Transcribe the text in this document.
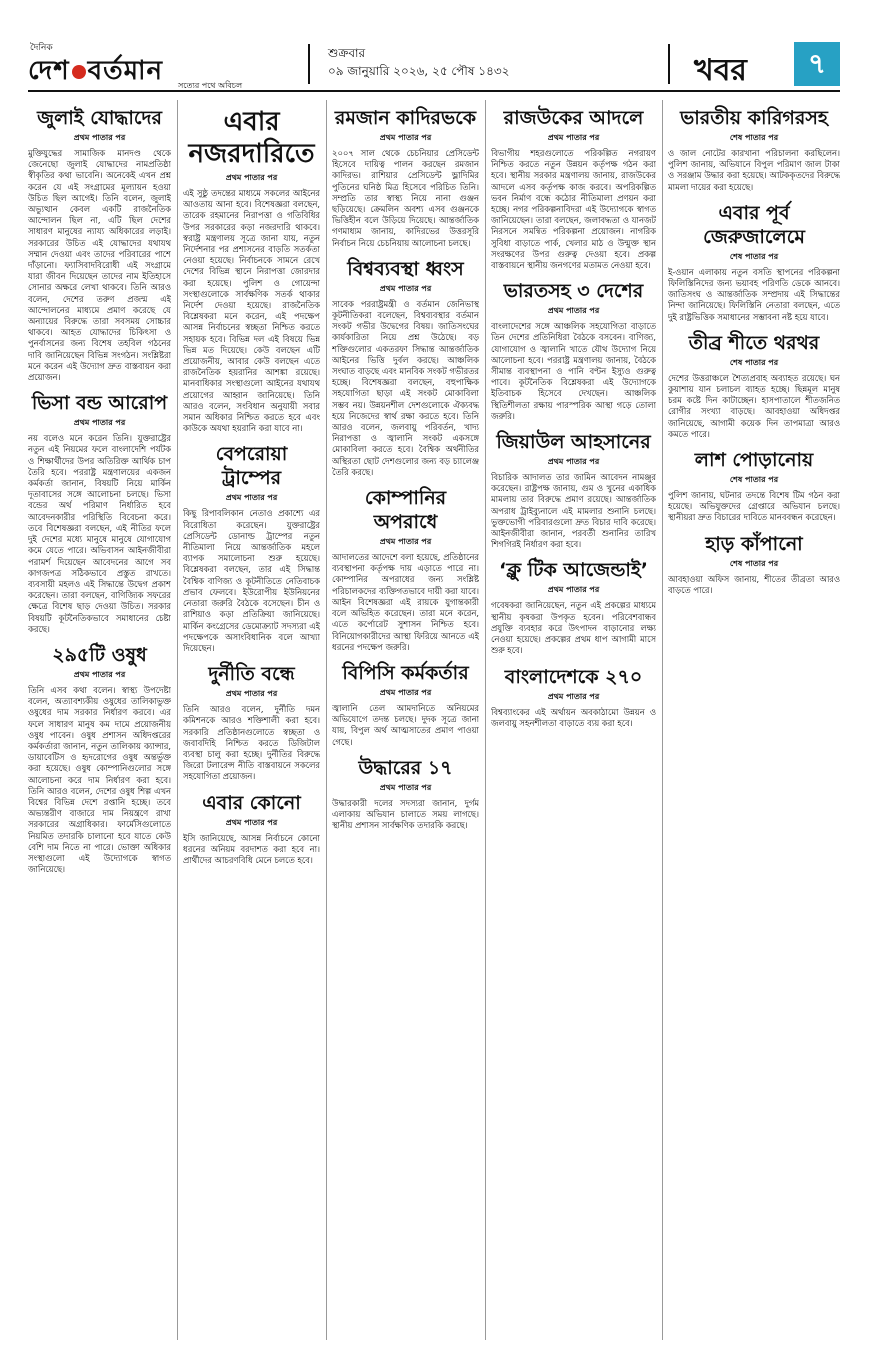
দৈনিক
দেশ বর্তমান সত্যের পথে অবিচল
শুক্রবার
০৯ জানুয়ারি ২০২৬, ২৫ পৌষ ১৪৩২	খবর	৭
জুলাই যোদ্ধাদের
প্রথম পাতার পর
মুক্তিযুদ্ধের সামাজিক মানদণ্ড থেকে জেনেছো জুলাই যোদ্ধাদের নামপ্রতিষ্ঠা স্বীকৃতির কথা ভাবেনি। অনেকেই এখন প্রশ্ন করেন যে এই সংগ্রামের মূল্যায়ন হওয়া উচিত ছিল আগেই। তিনি বলেন, জুলাই অভ্যুত্থান কেবল একটি রাজনৈতিক আন্দোলন ছিল না, এটি ছিল দেশের সাধারণ মানুষের ন্যায্য অধিকারের লড়াই। সরকারের উচিত এই যোদ্ধাদের যথাযথ সম্মান দেওয়া এবং তাদের পরিবারের পাশে দাঁড়ানো। ফ্যাসিবাদবিরোধী এই সংগ্রামে যারা জীবন দিয়েছেন তাদের নাম ইতিহাসে সোনার অক্ষরে লেখা থাকবে। তিনি আরও বলেন, দেশের তরুণ প্রজন্ম এই আন্দোলনের মাধ্যমে প্রমাণ করেছে যে অন্যায়ের বিরুদ্ধে তারা সবসময় সোচ্চার থাকবে। আহত যোদ্ধাদের চিকিৎসা ও পুনর্বাসনের জন্য বিশেষ তহবিল গঠনের দাবি জানিয়েছেন বিভিন্ন সংগঠন। সংশ্লিষ্টরা মনে করেন এই উদ্যোগ দ্রুত বাস্তবায়ন করা প্রয়োজন।
ভিসা বন্ড আরোপ
প্রথম পাতার পর
নয় বলেও মনে করেন তিনি। যুক্তরাষ্ট্রের নতুন এই নিয়মের ফলে বাংলাদেশি পর্যটক ও শিক্ষার্থীদের উপর অতিরিক্ত আর্থিক চাপ তৈরি হবে। পররাষ্ট্র মন্ত্রণালয়ের একজন কর্মকর্তা জানান, বিষয়টি নিয়ে মার্কিন দূতাবাসের সঙ্গে আলোচনা চলছে। ভিসা বন্ডের অর্থ পরিমাণ নির্ধারিত হবে আবেদনকারীর পরিস্থিতি বিবেচনা করে। তবে বিশেষজ্ঞরা বলছেন, এই নীতির ফলে দুই দেশের মধ্যে মানুষে মানুষে যোগাযোগ কমে যেতে পারে। অভিবাসন আইনজীবীরা পরামর্শ দিয়েছেন আবেদনের আগে সব কাগজপত্র সঠিকভাবে প্রস্তুত রাখতে। ব্যবসায়ী মহলও এই সিদ্ধান্তে উদ্বেগ প্রকাশ করেছেন। তারা বলছেন, বাণিজ্যিক সফরের ক্ষেত্রে বিশেষ ছাড় দেওয়া উচিত। সরকার বিষয়টি কূটনৈতিকভাবে সমাধানের চেষ্টা করছে।
২৯৫টি ওষুধ
প্রথম পাতার পর
তিনি এসব কথা বলেন। স্বাস্থ্য উপদেষ্টা বলেন, অত্যাবশ্যকীয় ওষুধের তালিকাভুক্ত ওষুধের দাম সরকার নির্ধারণ করবে। এর ফলে সাধারণ মানুষ কম দামে প্রয়োজনীয় ওষুধ পাবেন। ওষুধ প্রশাসন অধিদপ্তরের কর্মকর্তারা জানান, নতুন তালিকায় ক্যান্সার, ডায়াবেটিস ও হৃদরোগের ওষুধ অন্তর্ভুক্ত করা হয়েছে। ওষুধ কোম্পানিগুলোর সঙ্গে আলোচনা করে দাম নির্ধারণ করা হবে। তিনি আরও বলেন, দেশের ওষুধ শিল্প এখন বিশ্বের বিভিন্ন দেশে রপ্তানি হচ্ছে। তবে অভ্যন্তরীণ বাজারে দাম নিয়ন্ত্রণে রাখা সরকারের অগ্রাধিকার। ফার্মেসিগুলোতে নিয়মিত তদারকি চালানো হবে যাতে কেউ বেশি দাম নিতে না পারে। ভোক্তা অধিকার সংস্থাগুলো এই উদ্যোগকে স্বাগত জানিয়েছে।
এবার নজরদারিতে
প্রথম পাতার পর
এই সুষ্ঠু তদন্তের মাধ্যমে সকলের আইনের আওতায় আনা হবে। বিশেষজ্ঞরা বলছেন, তারেক রহমানের নিরাপত্তা ও গতিবিধির উপর সরকারের কড়া নজরদারি থাকবে। স্বরাষ্ট্র মন্ত্রণালয় সূত্রে জানা যায়, নতুন নির্দেশনার পর প্রশাসনের বাড়তি সতর্কতা নেওয়া হয়েছে। নির্বাচনকে সামনে রেখে দেশের বিভিন্ন স্থানে নিরাপত্তা জোরদার করা হয়েছে। পুলিশ ও গোয়েন্দা সংস্থাগুলোকে সার্বক্ষণিক সতর্ক থাকার নির্দেশ দেওয়া হয়েছে। রাজনৈতিক বিশ্লেষকরা মনে করেন, এই পদক্ষেপ আসন্ন নির্বাচনের স্বচ্ছতা নিশ্চিত করতে সহায়ক হবে। বিভিন্ন দল এই বিষয়ে ভিন্ন ভিন্ন মত দিয়েছে। কেউ বলছেন এটি প্রয়োজনীয়, আবার কেউ বলছেন এতে রাজনৈতিক হয়রানির আশঙ্কা রয়েছে। মানবাধিকার সংস্থাগুলো আইনের যথাযথ প্রয়োগের আহ্বান জানিয়েছে। তিনি আরও বলেন, সংবিধান অনুযায়ী সবার সমান অধিকার নিশ্চিত করতে হবে এবং কাউকে অযথা হয়রানি করা যাবে না।
বেপরোয়া ট্রাম্পের
প্রথম পাতার পর
কিছু রিপাবলিকান নেতাও প্রকাশ্যে এর বিরোধিতা করেছেন। যুক্তরাষ্ট্রের প্রেসিডেন্ট ডোনাল্ড ট্রাম্পের নতুন নীতিমালা নিয়ে আন্তর্জাতিক মহলে ব্যাপক সমালোচনা শুরু হয়েছে। বিশ্লেষকরা বলছেন, তার এই সিদ্ধান্ত বৈশ্বিক বাণিজ্য ও কূটনীতিতে নেতিবাচক প্রভাব ফেলবে। ইউরোপীয় ইউনিয়নের নেতারা জরুরি বৈঠকে বসেছেন। চীন ও রাশিয়াও কড়া প্রতিক্রিয়া জানিয়েছে। মার্কিন কংগ্রেসের ডেমোক্র্যাট সদস্যরা এই পদক্ষেপকে অসাংবিধানিক বলে আখ্যা দিয়েছেন।
দুর্নীতি বন্ধে
প্রথম পাতার পর
তিনি আরও বলেন, দুর্নীতি দমন কমিশনকে আরও শক্তিশালী করা হবে। সরকারি প্রতিষ্ঠানগুলোতে স্বচ্ছতা ও জবাবদিহি নিশ্চিত করতে ডিজিটাল ব্যবস্থা চালু করা হচ্ছে। দুর্নীতির বিরুদ্ধে জিরো টলারেন্স নীতি বাস্তবায়নে সকলের সহযোগিতা প্রয়োজন।
এবার কোনো
প্রথম পাতার পর
ইসি জানিয়েছে, আসন্ন নির্বাচনে কোনো ধরনের অনিয়ম বরদাশত করা হবে না। প্রার্থীদের আচরণবিধি মেনে চলতে হবে।
রমজান কাদিরভকে
প্রথম পাতার পর
২০০৭ সাল থেকে চেচনিয়ার প্রেসিডেন্ট হিসেবে দায়িত্ব পালন করছেন রমজান কাদিরভ। রাশিয়ার প্রেসিডেন্ট ভ্লাদিমির পুতিনের ঘনিষ্ঠ মিত্র হিসেবে পরিচিত তিনি। সম্প্রতি তার স্বাস্থ্য নিয়ে নানা গুঞ্জন ছড়িয়েছে। ক্রেমলিন অবশ্য এসব গুঞ্জনকে ভিত্তিহীন বলে উড়িয়ে দিয়েছে। আন্তর্জাতিক গণমাধ্যম জানায়, কাদিরভের উত্তরসূরি নির্বাচন নিয়ে চেচনিয়ায় আলোচনা চলছে।
বিশ্বব্যবস্থা ধ্বংস
প্রথম পাতার পর
সাবেক পররাষ্ট্রমন্ত্রী ও বর্তমান জেনিভাস্থ কূটনীতিকরা বলেছেন, বিশ্বব্যবস্থার বর্তমান সংকট গভীর উদ্বেগের বিষয়। জাতিসংঘের কার্যকারিতা নিয়ে প্রশ্ন উঠেছে। বড় শক্তিগুলোর একতরফা সিদ্ধান্ত আন্তর্জাতিক আইনের ভিত্তি দুর্বল করছে। আঞ্চলিক সংঘাত বাড়ছে এবং মানবিক সংকট গভীরতর হচ্ছে। বিশেষজ্ঞরা বলছেন, বহুপাক্ষিক সহযোগিতা ছাড়া এই সংকট মোকাবিলা সম্ভব নয়। উন্নয়নশীল দেশগুলোকে ঐক্যবদ্ধ হয়ে নিজেদের স্বার্থ রক্ষা করতে হবে। তিনি আরও বলেন, জলবায়ু পরিবর্তন, খাদ্য নিরাপত্তা ও জ্বালানি সংকট একসঙ্গে মোকাবিলা করতে হবে। বৈশ্বিক অর্থনীতির অস্থিরতা ছোট দেশগুলোর জন্য বড় চ্যালেঞ্জ তৈরি করছে।
কোম্পানির অপরাধে
প্রথম পাতার পর
আদালতের আদেশে বলা হয়েছে, প্রতিষ্ঠানের ব্যবস্থাপনা কর্তৃপক্ষ দায় এড়াতে পারে না। কোম্পানির অপরাধের জন্য সংশ্লিষ্ট পরিচালকদের ব্যক্তিগতভাবে দায়ী করা যাবে। আইন বিশেষজ্ঞরা এই রায়কে যুগান্তকারী বলে অভিহিত করেছেন। তারা মনে করেন, এতে কর্পোরেট সুশাসন নিশ্চিত হবে। বিনিয়োগকারীদের আস্থা ফিরিয়ে আনতে এই ধরনের পদক্ষেপ জরুরি।
বিপিসি কর্মকর্তার
প্রথম পাতার পর
জ্বালানি তেল আমদানিতে অনিয়মের অভিযোগে তদন্ত চলছে। দুদক সূত্রে জানা যায়, বিপুল অর্থ আত্মসাতের প্রমাণ পাওয়া গেছে।
উদ্ধারের ১৭
প্রথম পাতার পর
উদ্ধারকারী দলের সদস্যরা জানান, দুর্গম এলাকায় অভিযান চালাতে সময় লাগছে। স্থানীয় প্রশাসন সার্বক্ষণিক তদারকি করছে।
রাজউকের আদলে
প্রথম পাতার পর
বিভাগীয় শহরগুলোতে পরিকল্পিত নগরায়ণ নিশ্চিত করতে নতুন উন্নয়ন কর্তৃপক্ষ গঠন করা হবে। স্থানীয় সরকার মন্ত্রণালয় জানায়, রাজউকের আদলে এসব কর্তৃপক্ষ কাজ করবে। অপরিকল্পিত ভবন নির্মাণ বন্ধে কঠোর নীতিমালা প্রণয়ন করা হচ্ছে। নগর পরিকল্পনাবিদরা এই উদ্যোগকে স্বাগত জানিয়েছেন। তারা বলছেন, জলাবদ্ধতা ও যানজট নিরসনে সমন্বিত পরিকল্পনা প্রয়োজন। নাগরিক সুবিধা বাড়াতে পার্ক, খেলার মাঠ ও উন্মুক্ত স্থান সংরক্ষণের উপর গুরুত্ব দেওয়া হবে। প্রকল্প বাস্তবায়নে স্থানীয় জনগণের মতামত নেওয়া হবে।
ভারতসহ ৩ দেশের
প্রথম পাতার পর
বাংলাদেশের সঙ্গে আঞ্চলিক সহযোগিতা বাড়াতে তিন দেশের প্রতিনিধিরা বৈঠকে বসবেন। বাণিজ্য, যোগাযোগ ও জ্বালানি খাতে যৌথ উদ্যোগ নিয়ে আলোচনা হবে। পররাষ্ট্র মন্ত্রণালয় জানায়, বৈঠকে সীমান্ত ব্যবস্থাপনা ও পানি বণ্টন ইস্যুও গুরুত্ব পাবে। কূটনৈতিক বিশ্লেষকরা এই উদ্যোগকে ইতিবাচক হিসেবে দেখছেন। আঞ্চলিক স্থিতিশীলতা রক্ষায় পারস্পরিক আস্থা গড়ে তোলা জরুরি।
জিয়াউল আহসানের
প্রথম পাতার পর
বিচারিক আদালত তার জামিন আবেদন নামঞ্জুর করেছেন। রাষ্ট্রপক্ষ জানায়, গুম ও খুনের একাধিক মামলায় তার বিরুদ্ধে প্রমাণ রয়েছে। আন্তর্জাতিক অপরাধ ট্রাইব্যুনালে এই মামলার শুনানি চলছে। ভুক্তভোগী পরিবারগুলো দ্রুত বিচার দাবি করেছে। আইনজীবীরা জানান, পরবর্তী শুনানির তারিখ শিগগিরই নির্ধারণ করা হবে।
‘ক্লু টিক আজেন্ডাই’
প্রথম পাতার পর
গবেষকরা জানিয়েছেন, নতুন এই প্রকল্পের মাধ্যমে স্থানীয় কৃষকরা উপকৃত হবেন। পরিবেশবান্ধব প্রযুক্তি ব্যবহার করে উৎপাদন বাড়ানোর লক্ষ্য নেওয়া হয়েছে। প্রকল্পের প্রথম ধাপ আগামী মাসে শুরু হবে।
বাংলাদেশকে ২৭০
প্রথম পাতার পর
বিশ্বব্যাংকের এই অর্থায়ন অবকাঠামো উন্নয়ন ও জলবায়ু সহনশীলতা বাড়াতে ব্যয় করা হবে।
ভারতীয় কারিগরসহ
শেষ পাতার পর
ও জাল নোটের কারখানা পরিচালনা করছিলেন। পুলিশ জানায়, অভিযানে বিপুল পরিমাণ জাল টাকা ও সরঞ্জাম উদ্ধার করা হয়েছে। আটককৃতদের বিরুদ্ধে মামলা দায়ের করা হয়েছে।
এবার পূর্ব জেরুজালেমে
শেষ পাতার পর
ই-ওয়ান এলাকায় নতুন বসতি স্থাপনের পরিকল্পনা ফিলিস্তিনিদের জন্য ভয়াবহ পরিণতি ডেকে আনবে। জাতিসংঘ ও আন্তর্জাতিক সম্প্রদায় এই সিদ্ধান্তের নিন্দা জানিয়েছে। ফিলিস্তিনি নেতারা বলছেন, এতে দুই রাষ্ট্রভিত্তিক সমাধানের সম্ভাবনা নষ্ট হয়ে যাবে।
তীব্র শীতে থরথর
শেষ পাতার পর
দেশের উত্তরাঞ্চলে শৈত্যপ্রবাহ অব্যাহত রয়েছে। ঘন কুয়াশায় যান চলাচল ব্যাহত হচ্ছে। ছিন্নমূল মানুষ চরম কষ্টে দিন কাটাচ্ছেন। হাসপাতালে শীতজনিত রোগীর সংখ্যা বাড়ছে। আবহাওয়া অধিদপ্তর জানিয়েছে, আগামী কয়েক দিন তাপমাত্রা আরও কমতে পারে।
লাশ পোড়ানোয়
শেষ পাতার পর
পুলিশ জানায়, ঘটনার তদন্তে বিশেষ টিম গঠন করা হয়েছে। অভিযুক্তদের গ্রেপ্তারে অভিযান চলছে। স্থানীয়রা দ্রুত বিচারের দাবিতে মানববন্ধন করেছেন।
হাড় কাঁপানো
শেষ পাতার পর
আবহাওয়া অফিস জানায়, শীতের তীব্রতা আরও বাড়তে পারে।
